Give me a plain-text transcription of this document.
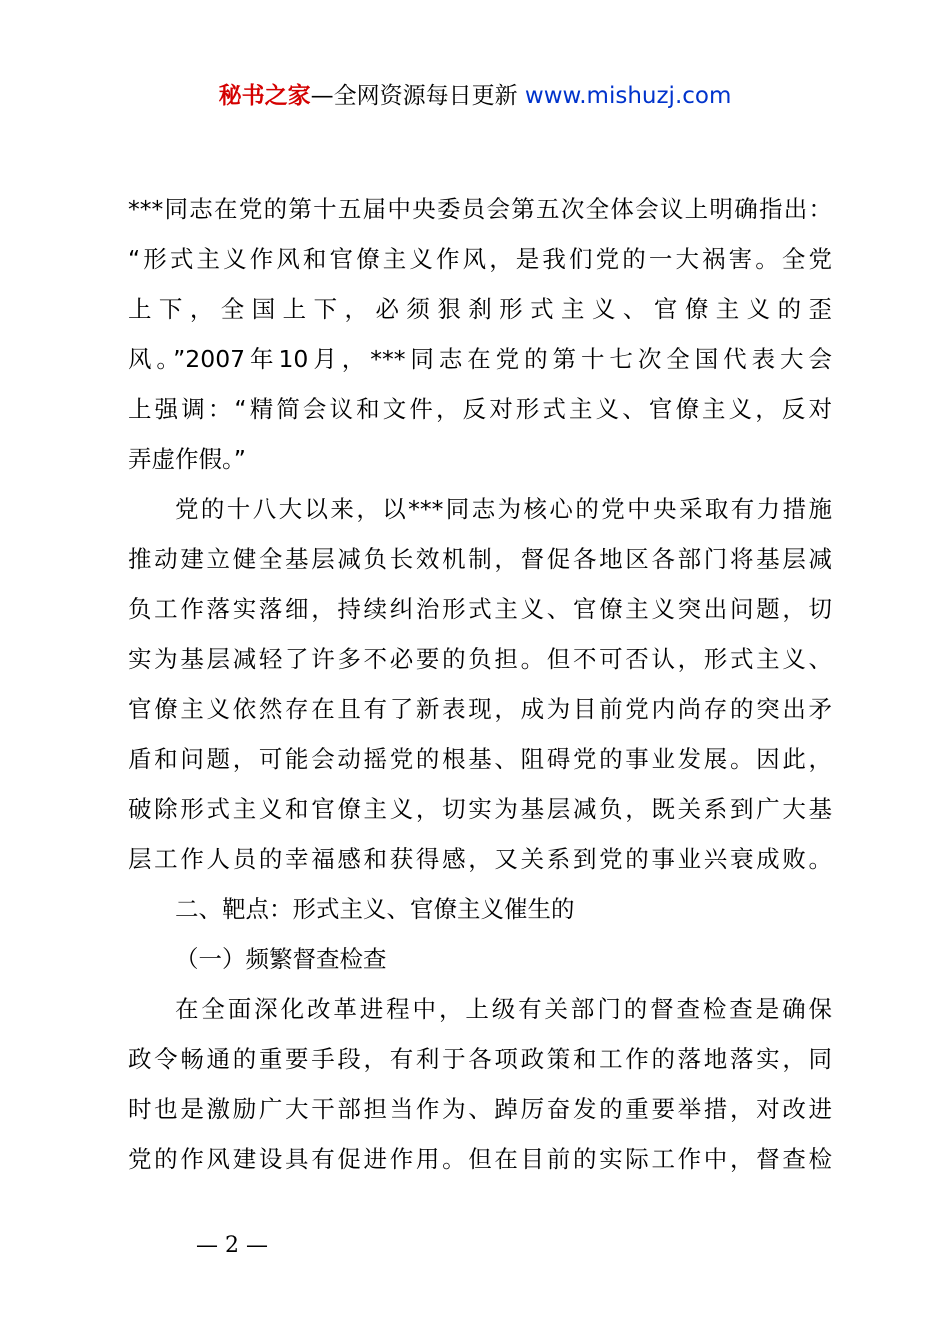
秘书之家—全网资源每日更新 www.mishuzj.com
***同志在党的第十五届中央委员会第五次全体会议上明确指出：
“形式主义作风和官僚主义作风，是我们党的一大祸害。全党
上下，全国上下，必须狠刹形式主义、官僚主义的歪
风。”2007年10月，***同志在党的第十七次全国代表大会
上强调：“精简会议和文件，反对形式主义、官僚主义，反对
弄虚作假。”
党的十八大以来，以***同志为核心的党中央采取有力措施
推动建立健全基层减负长效机制，督促各地区各部门将基层减
负工作落实落细，持续纠治形式主义、官僚主义突出问题，切
实为基层减轻了许多不必要的负担。但不可否认，形式主义、
官僚主义依然存在且有了新表现，成为目前党内尚存的突出矛
盾和问题，可能会动摇党的根基、阻碍党的事业发展。因此，
破除形式主义和官僚主义，切实为基层减负，既关系到广大基
层工作人员的幸福感和获得感，又关系到党的事业兴衰成败。
二、靶点：形式主义、官僚主义催生的
（一）频繁督查检查
在全面深化改革进程中，上级有关部门的督查检查是确保
政令畅通的重要手段，有利于各项政策和工作的落地落实，同
时也是激励广大干部担当作为、踔厉奋发的重要举措，对改进
党的作风建设具有促进作用。但在目前的实际工作中，督查检
— 2 —
